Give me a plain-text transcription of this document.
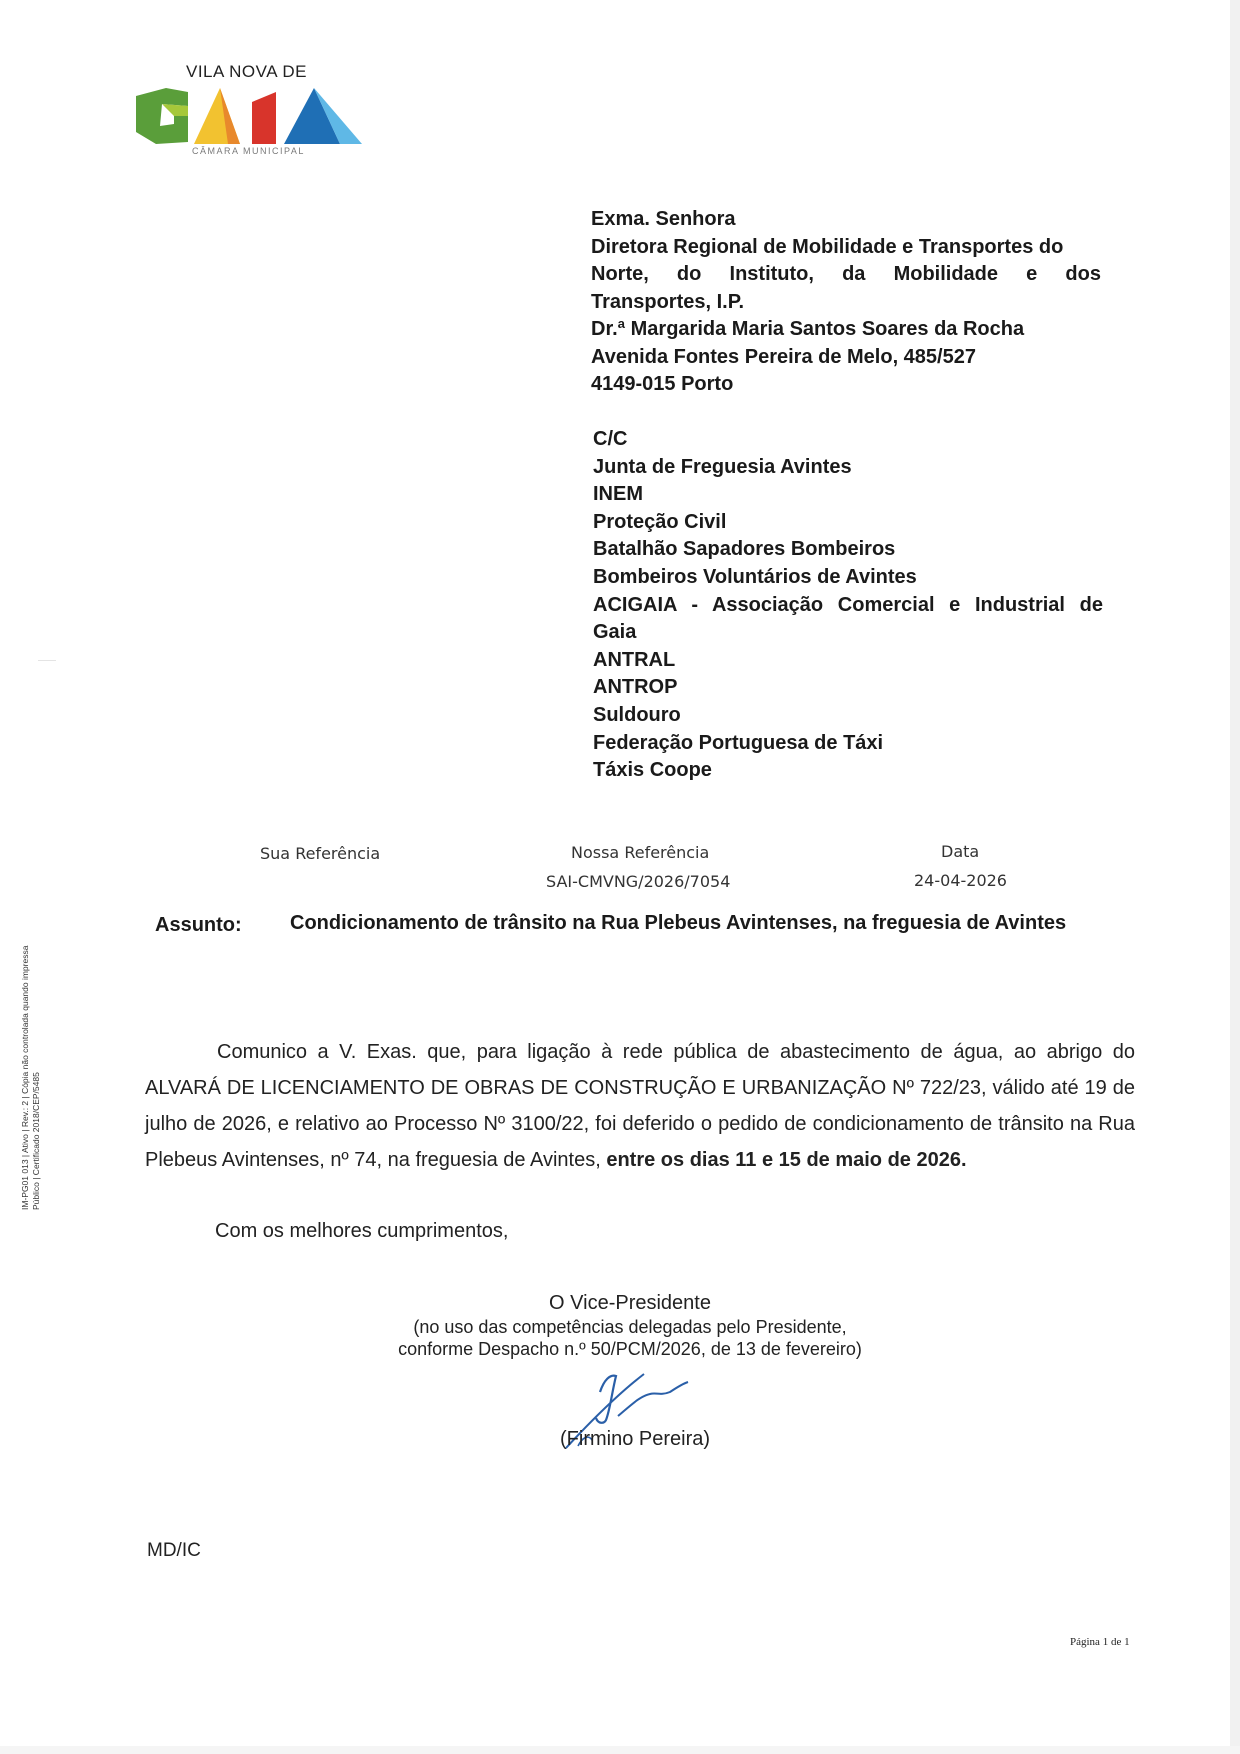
VILA NOVA DE
CÂMARA MUNICIPAL
Exma. Senhora
Diretora Regional de Mobilidade e Transportes do
Norte, do Instituto, da Mobilidade e dos
Transportes, I.P.
Dr.ª Margarida Maria Santos Soares da Rocha
Avenida Fontes Pereira de Melo, 485/527
4149-015 Porto
C/C
Junta de Freguesia Avintes
INEM
Proteção Civil
Batalhão Sapadores Bombeiros
Bombeiros Voluntários de Avintes
ACIGAIA - Associação Comercial e Industrial de
Gaia
ANTRAL
ANTROP
Suldouro
Federação Portuguesa de Táxi
Táxis Coope
Sua Referência	Nossa Referência
SAI-CMVNG/2026/7054
Data
24-04-2026
Assunto: Condicionamento de trânsito na Rua Plebeus Avintenses, na freguesia de Avintes
Comunico a V. Exas. que, para ligação à rede pública de abastecimento de água, ao abrigo do ALVARÁ DE LICENCIAMENTO DE OBRAS DE CONSTRUÇÃO E URBANIZAÇÃO Nº 722/23, válido até 19 de julho de 2026, e relativo ao Processo Nº 3100/22, foi deferido o pedido de condicionamento de trânsito na Rua Plebeus Avintenses, nº 74, na freguesia de Avintes, entre os dias 11 e 15 de maio de 2026.
Com os melhores cumprimentos,
O Vice-Presidente
(no uso das competências delegadas pelo Presidente,
conforme Despacho n.º 50/PCM/2026, de 13 de fevereiro)
(Firmino Pereira)
MD/IC
Página 1 de 1
IM-PG01 013 | Ativo | Rev.: 2 | Cópia não controlada quando impressa Público | Certificado 2018/CEP/5485
